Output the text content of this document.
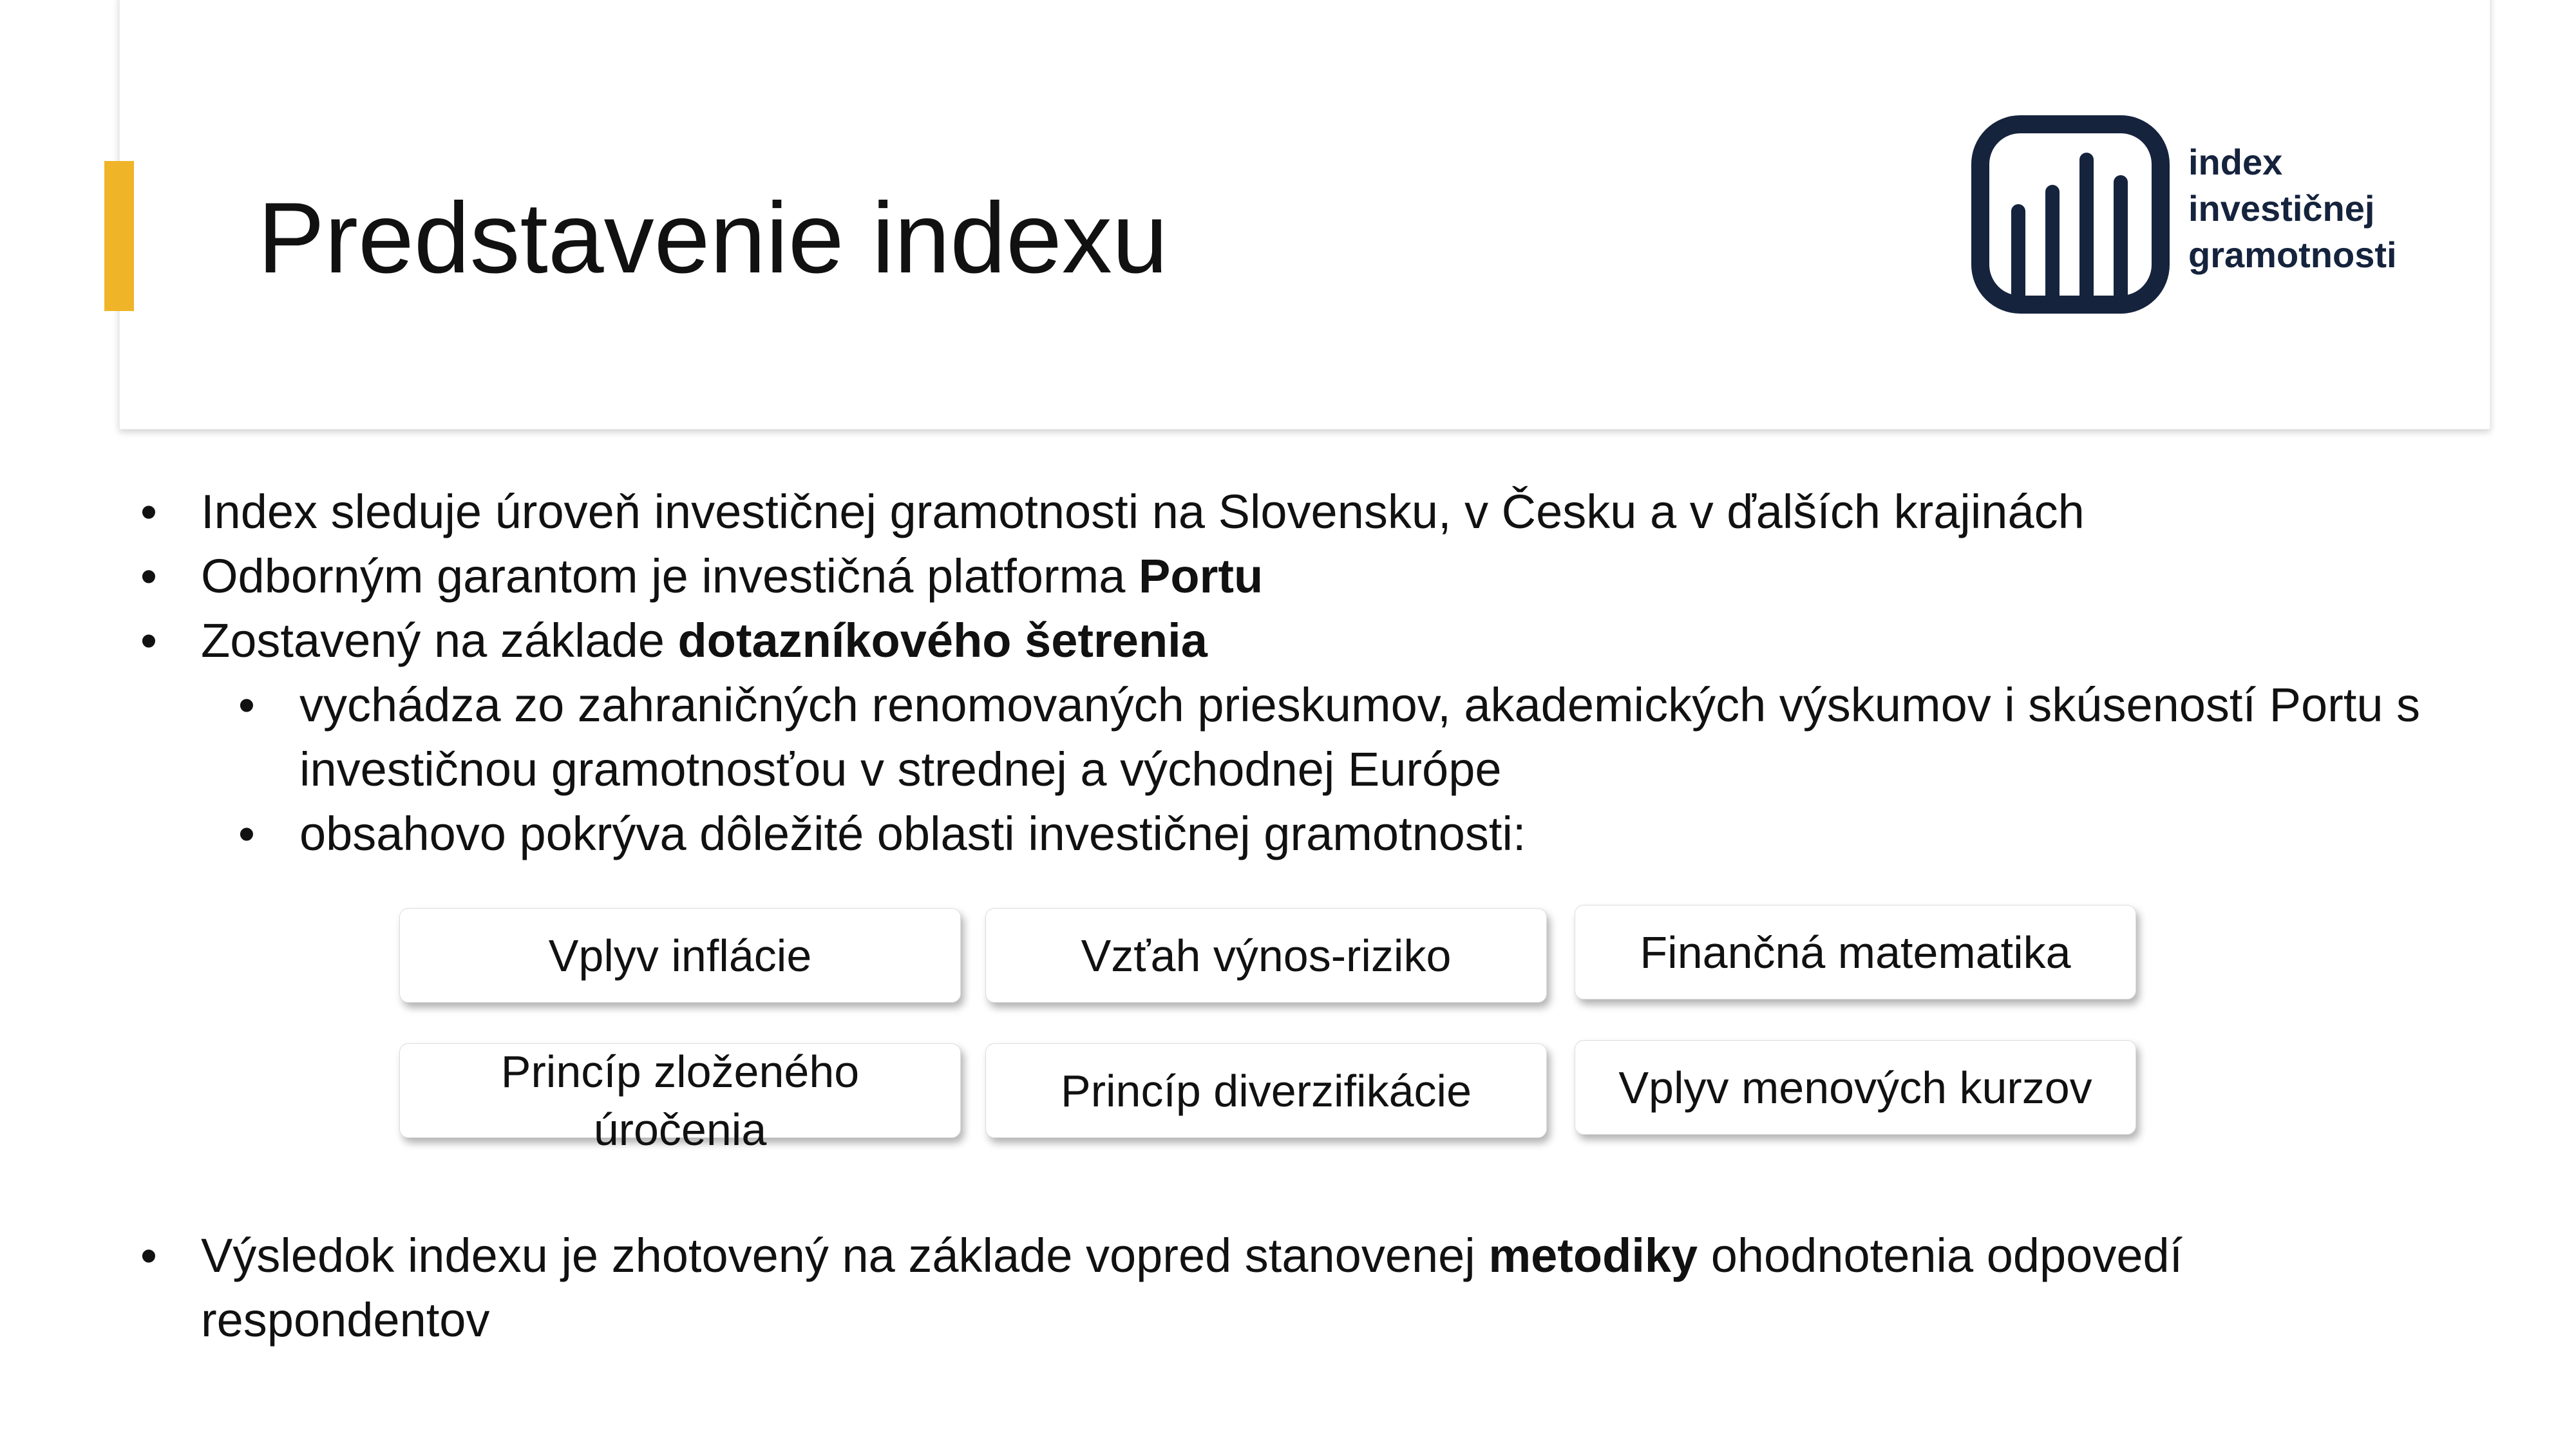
Predstavenie indexu
index
investičnej
gramotnosti
• Index sleduje úroveň investičnej gramotnosti na Slovensku, v Česku a v ďalších krajinách
• Odborným garantom je investičná platforma Portu
• Zostavený na základe dotazníkového šetrenia
• vychádza zo zahraničných renomovaných prieskumov, akademických výskumov i skúseností Portu s
investičnou gramotnosťou v strednej a východnej Európe
• obsahovo pokrýva dôležité oblasti investičnej gramotnosti:
Vplyv inflácie	Vzťah výnos-riziko	Finančná matematika
Princíp zloženého úročenia
Princíp diverzifikácie	Vplyv menových kurzov
• Výsledok indexu je zhotovený na základe vopred stanovenej metodiky ohodnotenia odpovedí
respondentov
